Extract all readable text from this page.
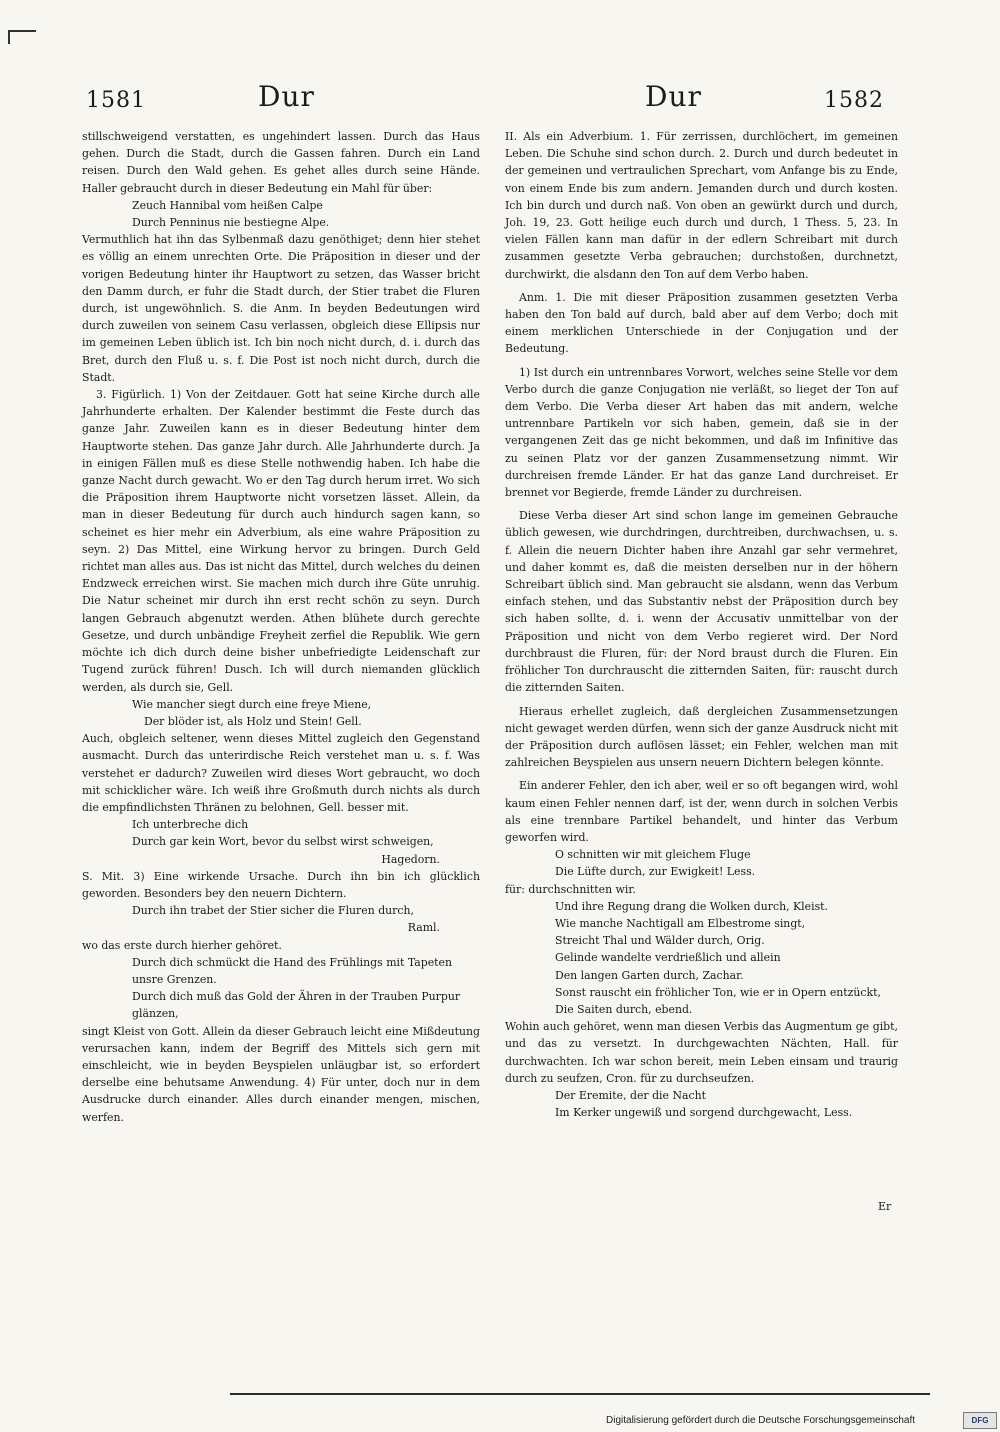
1581	Dur	Dur	1582

stillschweigend verstatten, es ungehindert lassen. Durch das Haus gehen. Durch die Stadt, durch die Gassen fahren. Durch ein Land reisen. Durch den Wald gehen. Es gehet alles durch seine Hände. Haller gebraucht durch in dieser Bedeutung ein Mahl für über:

Zeuch Hannibal vom heißen Calpe

Durch Penninus nie bestiegne Alpe.

Vermuthlich hat ihn das Sylbenmaß dazu genöthiget; denn hier stehet es völlig an einem unrechten Orte. Die Präposition in dieser und der vorigen Bedeutung hinter ihr Hauptwort zu setzen, das Wasser bricht den Damm durch, er fuhr die Stadt durch, der Stier trabet die Fluren durch, ist ungewöhnlich. S. die Anm. In beyden Bedeutungen wird durch zuweilen von seinem Casu verlassen, obgleich diese Ellipsis nur im gemeinen Leben üblich ist. Ich bin noch nicht durch, d. i. durch das Bret, durch den Fluß u. s. f. Die Post ist noch nicht durch, durch die Stadt.

3. Figürlich. 1) Von der Zeitdauer. Gott hat seine Kirche durch alle Jahrhunderte erhalten. Der Kalender bestimmt die Feste durch das ganze Jahr. Zuweilen kann es in dieser Bedeutung hinter dem Hauptworte stehen. Das ganze Jahr durch. Alle Jahrhunderte durch. Ja in einigen Fällen muß es diese Stelle nothwendig haben. Ich habe die ganze Nacht durch gewacht. Wo er den Tag durch herum irret. Wo sich die Präposition ihrem Hauptworte nicht vorsetzen lässet. Allein, da man in dieser Bedeutung für durch auch hindurch sagen kann, so scheinet es hier mehr ein Adverbium, als eine wahre Präposition zu seyn. 2) Das Mittel, eine Wirkung hervor zu bringen. Durch Geld richtet man alles aus. Das ist nicht das Mittel, durch welches du deinen Endzweck erreichen wirst. Sie machen mich durch ihre Güte unruhig. Die Natur scheinet mir durch ihn erst recht schön zu seyn. Durch langen Gebrauch abgenutzt werden. Athen blühete durch gerechte Gesetze, und durch unbändige Freyheit zerfiel die Republik. Wie gern möchte ich dich durch deine bisher unbefriedigte Leidenschaft zur Tugend zurück führen! Dusch. Ich will durch niemanden glücklich werden, als durch sie, Gell.

Wie mancher siegt durch eine freye Miene,

Der blöder ist, als Holz und Stein! Gell.

Auch, obgleich seltener, wenn dieses Mittel zugleich den Gegenstand ausmacht. Durch das unterirdische Reich verstehet man u. s. f. Was verstehet er dadurch? Zuweilen wird dieses Wort gebraucht, wo doch mit schicklicher wäre. Ich weiß ihre Großmuth durch nichts als durch die empfindlichsten Thränen zu belohnen, Gell. besser mit.

Ich unterbreche dich

Durch gar kein Wort, bevor du selbst wirst schweigen,

Hagedorn.

S. Mit. 3) Eine wirkende Ursache. Durch ihn bin ich glücklich geworden. Besonders bey den neuern Dichtern.

Durch ihn trabet der Stier sicher die Fluren durch,

Raml.

wo das erste durch hierher gehöret.

Durch dich schmückt die Hand des Frühlings mit Tapeten unsre Grenzen.

Durch dich muß das Gold der Ähren in der Trauben Purpur glänzen,

singt Kleist von Gott. Allein da dieser Gebrauch leicht eine Mißdeutung verursachen kann, indem der Begriff des Mittels sich gern mit einschleicht, wie in beyden Beyspielen unläugbar ist, so erfordert derselbe eine behutsame Anwendung. 4) Für unter, doch nur in dem Ausdrucke durch einander. Alles durch einander mengen, mischen, werfen.

II. Als ein Adverbium. 1. Für zerrissen, durchlöchert, im gemeinen Leben. Die Schuhe sind schon durch. 2. Durch und durch bedeutet in der gemeinen und vertraulichen Sprechart, vom Anfange bis zu Ende, von einem Ende bis zum andern. Jemanden durch und durch kosten. Ich bin durch und durch naß. Von oben an gewürkt durch und durch, Joh. 19, 23. Gott heilige euch durch und durch, 1 Thess. 5, 23. In vielen Fällen kann man dafür in der edlern Schreibart mit durch zusammen gesetzte Verba gebrauchen; durchstoßen, durchnetzt, durchwirkt, die alsdann den Ton auf dem Verbo haben.

Anm. 1. Die mit dieser Präposition zusammen gesetzten Verba haben den Ton bald auf durch, bald aber auf dem Verbo; doch mit einem merklichen Unterschiede in der Conjugation und der Bedeutung.

1) Ist durch ein untrennbares Vorwort, welches seine Stelle vor dem Verbo durch die ganze Conjugation nie verläßt, so lieget der Ton auf dem Verbo. Die Verba dieser Art haben das mit andern, welche untrennbare Partikeln vor sich haben, gemein, daß sie in der vergangenen Zeit das ge nicht bekommen, und daß im Infinitive das zu seinen Platz vor der ganzen Zusammensetzung nimmt. Wir durchreisen fremde Länder. Er hat das ganze Land durchreiset. Er brennet vor Begierde, fremde Länder zu durchreisen.

Diese Verba dieser Art sind schon lange im gemeinen Gebrauche üblich gewesen, wie durchdringen, durchtreiben, durchwachsen, u. s. f. Allein die neuern Dichter haben ihre Anzahl gar sehr vermehret, und daher kommt es, daß die meisten derselben nur in der höhern Schreibart üblich sind. Man gebraucht sie alsdann, wenn das Verbum einfach stehen, und das Substantiv nebst der Präposition durch bey sich haben sollte, d. i. wenn der Accusativ unmittelbar von der Präposition und nicht von dem Verbo regieret wird. Der Nord durchbraust die Fluren, für: der Nord braust durch die Fluren. Ein fröhlicher Ton durchrauscht die zitternden Saiten, für: rauscht durch die zitternden Saiten.

Hieraus erhellet zugleich, daß dergleichen Zusammensetzungen nicht gewaget werden dürfen, wenn sich der ganze Ausdruck nicht mit der Präposition durch auflösen lässet; ein Fehler, welchen man mit zahlreichen Beyspielen aus unsern neuern Dichtern belegen könnte.

Ein anderer Fehler, den ich aber, weil er so oft begangen wird, wohl kaum einen Fehler nennen darf, ist der, wenn durch in solchen Verbis als eine trennbare Partikel behandelt, und hinter das Verbum geworfen wird.

O schnitten wir mit gleichem Fluge

Die Lüfte durch, zur Ewigkeit! Less.

für: durchschnitten wir.

Und ihre Regung drang die Wolken durch, Kleist.

Wie manche Nachtigall am Elbestrome singt,

Streicht Thal und Wälder durch, Orig.

Gelinde wandelte verdrießlich und allein

Den langen Garten durch, Zachar.

Sonst rauscht ein fröhlicher Ton, wie er in Opern entzückt,

Die Saiten durch, ebend.

Wohin auch gehöret, wenn man diesen Verbis das Augmentum ge gibt, und das zu versetzt. In durchgewachten Nächten, Hall. für durchwachten. Ich war schon bereit, mein Leben einsam und traurig durch zu seufzen, Cron. für zu durchseufzen.

Der Eremite, der die Nacht

Im Kerker ungewiß und sorgend durchgewacht, Less.

Er
Digitalisierung gefördert durch die Deutsche Forschungsgemeinschaft	DFG
